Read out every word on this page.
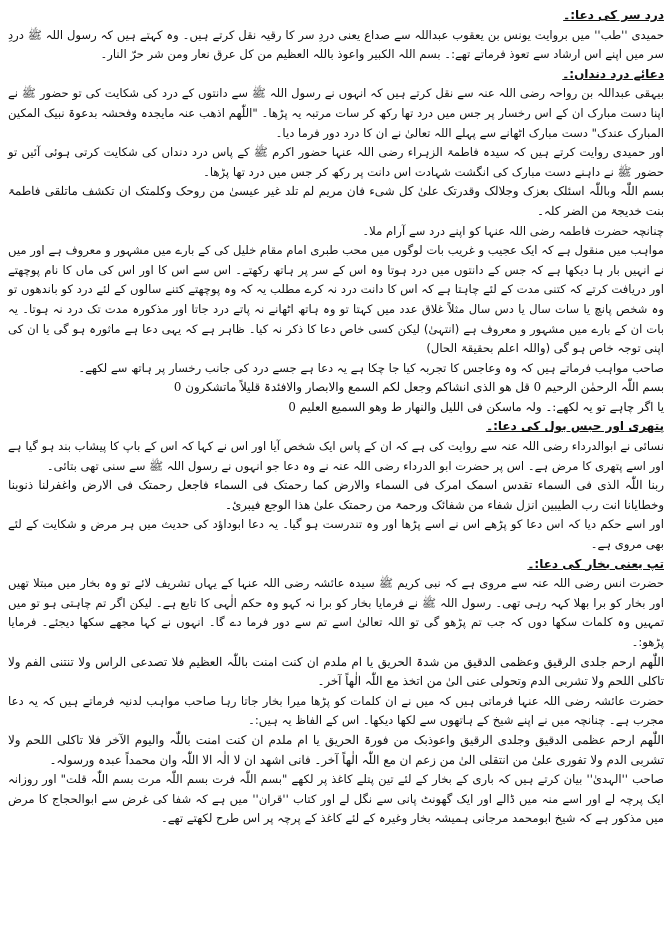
درد سر کی دعا:۔

حمیدی ''طب'' میں بروایت یونس بن یعقوب عبداللہ سے صداع یعنی دردِ سر کا رقیہ نقل کرتے ہیں۔ وہ کہتے ہیں کہ رسول اللہ ﷺ دردِ سر میں اپنے اس ارشاد سے تعوذ فرماتے تھے:۔ بسم اللہ الکبیر واعوذ باللہ العظیم من کل عرق نعار ومن شر حرّ النار۔

دعائے درد دنداں:۔

بیہقی عبداللہ بن رواحہ رضی اللہ عنہ سے نقل کرتے ہیں کہ انہوں نے رسول اللہ ﷺ سے دانتوں کے درد کی شکایت کی تو حضور ﷺ نے اپنا دست مبارک ان کے اس رخسار پر جس میں درد تھا رکھ کر سات مرتبہ یہ پڑھا۔ "اللّٰھم اذھب عنہ مایجدہ وفحشہ بدعوۃ نبیک المکین المبارک عندک" دست مبارک اٹھانے سے پہلے اللہ تعالیٰ نے ان کا درد دور فرما دیا۔

اور حمیدی روایت کرتے ہیں کہ سیدہ فاطمۃ الزہراء رضی اللہ عنہا حضور اکرم ﷺ کے پاس درد دنداں کی شکایت کرتی ہوئی آئیں تو حضور ﷺ نے داہنے دست مبارک کی انگشت شہادت اس دانت پر رکھ کر جس میں درد تھا پڑھا۔

بسم اللّٰہ وباللّٰہ اسئلک بعزک وجلالک وقدرتک علیٰ کل شیء فان مریم لم تلد غیر عیسیٰ من روحک وکلمتک ان تکشف ماتلقی فاطمۃ بنت خدیجۃ من الضر کلہ۔

چنانچہ حضرت فاطمہ رضی اللہ عنہا کو اپنے درد سے آرام ملا۔

مواہب میں منقول ہے کہ ایک عجیب و غریب بات لوگوں میں محب طبری امام مقام خلیل کی کے بارے میں مشہور و معروف ہے اور میں نے انہیں بار ہا دیکھا ہے کہ جس کے دانتوں میں درد ہوتا وہ اس کے سر پر ہاتھ رکھتے۔ اس سے اس کا اور اس کی ماں کا نام پوچھتے اور دریافت کرتے کہ کتنی مدت کے لئے چاہتا ہے کہ اس کا دانت درد نہ کرے مطلب یہ کہ وہ پوچھتے کتنے سالوں کے لئے درد کو باندھوں تو وہ شخص پانچ یا سات سال یا دس سال مثلاً غلاق عدد میں کہتا تو وہ ہاتھ اٹھانے نہ پاتے درد جاتا اور مذکورہ مدت تک درد نہ ہوتا۔ یہ بات ان کے بارے میں مشہور و معروف ہے (انتہیٰ) لیکن کسی خاص دعا کا ذکر نہ کیا۔ ظاہر ہے کہ یہی دعا ہے ماثورہ ہو گی یا ان کی اپنی توجہ خاص ہو گی (واللہ اعلم بحقیقۃ الحال)

صاحب مواہب فرماتے ہیں کہ وہ وعاجس کا تجربہ کیا جا چکا ہے یہ دعا ہے جسے درد کی جانب رخسار پر ہاتھ سے لکھے۔

بسم اللّٰہ الرحمٰن الرحیم 0 قل ھو الذی انشاکم وجعل لکم السمع والابصار والافئدۃ قلیلاً ماتشکرون 0

یا اگر چاہے تو یہ لکھے:۔ ولہ ماسکن فی اللیل والنھار ط وھو السمیع العلیم 0

پتھری اور حبس بول کی دعا:۔

نسائی نے ابوالدرداء رضی اللہ عنہ سے روایت کی ہے کہ ان کے پاس ایک شخص آیا اور اس نے کہا کہ اس کے باپ کا پیشاب بند ہو گیا ہے اور اسے پتھری کا مرض ہے۔ اس پر حضرت ابو الدرداء رضی اللہ عنہ نے وہ دعا جو انہوں نے رسول اللہ ﷺ سے سنی تھی بتائی۔

ربنا اللّٰہ الذی فی السماء تقدس اسمک امرک فی السماء والارض کما رحمتک فی السماء فاجعل رحمتک فی الارض واغفرلنا ذنوبنا وخطایانا انت رب الطیبین انزل شفاء من شفائک ورحمۃ من رحمتک علیٰ ھذا الوجع فیبرئ۔

اور اسے حکم دیا کہ اس دعا کو پڑھے اس نے اسے پڑھا اور وہ تندرست ہو گیا۔ یہ دعا ابوداؤد کی حدیث میں ہر مرض و شکایت کے لئے بھی مروی ہے۔

تپ یعنی بخار کی دعا:۔

حضرت انس رضی اللہ عنہ سے مروی ہے کہ نبی کریم ﷺ سیدہ عائشہ رضی اللہ عنہا کے یہاں تشریف لائے تو وہ بخار میں مبتلا تھیں اور بخار کو برا بھلا کہہ رہی تھی۔ رسول اللہ ﷺ نے فرمایا بخار کو برا نہ کہو وہ حکم الٰہی کا تابع ہے۔ لیکن اگر تم چاہتی ہو تو میں تمہیں وہ کلمات سکھا دوں کہ جب تم پڑھو گی تو اللہ تعالیٰ اسے تم سے دور فرما دے گا۔ انہوں نے کہا مجھے سکھا دیجئے۔ فرمایا پڑھو:۔

اللّٰھم ارحم جلدی الرقیق وعظمی الدقیق من شدۃ الحریق یا ام ملدم ان کنت امنت باللّٰہ العظیم فلا تصدعی الراس ولا تنتنی الفم ولا تاکلی اللحم ولا تشربی الدم وتحولی عنی الیٰ من اتخذ مع اللّٰہ الٰھاً آخر۔

حضرت عائشہ رضی اللہ عنہا فرماتی ہیں کہ میں نے ان کلمات کو پڑھا میرا بخار جاتا رہا صاحب مواہب لدنیہ فرماتے ہیں کہ یہ دعا مجرب ہے۔ چنانچہ میں نے اپنے شیخ کے ہاتھوں سے لکھا دیکھا۔ اس کے الفاظ یہ ہیں:۔

اللّٰھم ارحم عظمی الدقیق وجلدی الرقیق واعوذبک من فورۃ الحریق یا ام ملدم ان کنت امنت باللّٰہ والیوم الآخر فلا تاکلی اللحم ولا تشربی الدم ولا تفوری علیٰ من انتقلی الیٰ من زعم ان مع اللّٰہ الٰھاً آخر۔ فانی اشھد ان لا الٰہ الا اللّٰہ وان محمداً عبدہ ورسولہ۔

صاحب ''الہدیٰ'' بیان کرتے ہیں کہ باری کے بخار کے لئے تین پتلے کاغذ پر لکھے "بسم اللّٰہ فرت بسم اللّٰہ مرت بسم اللّٰہ قلت" اور روزانہ ایک پرچہ لے اور اسے منہ میں ڈالے اور ایک گھونٹ پانی سے نگل لے اور کتاب ''قران'' میں ہے کہ شفا کی غرض سے ابوالحجاج کا مرض میں مذکور ہے کہ شیخ ابومحمد مرجانی ہمیشہ بخار وغیرہ کے لئے کاغذ کے پرچہ پر اس طرح لکھتے تھے۔
